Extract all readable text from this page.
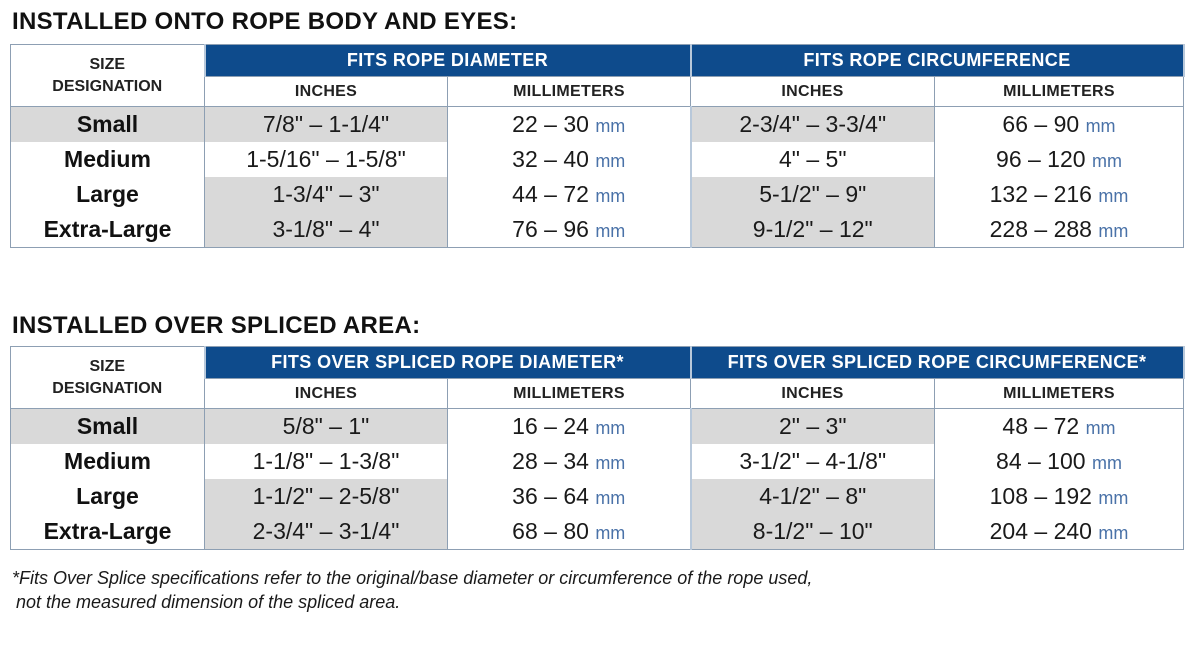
INSTALLED ONTO ROPE BODY AND EYES:
SIZE
DESIGNATION	FITS ROPE DIAMETER		FITS ROPE CIRCUMFERENCE	
	INCHES	MILLIMETERS	INCHES	MILLIMETERS
Small	7/8" – 1-1/4"	22 – 30 mm	2-3/4" – 3-3/4"	66 – 90 mm
Medium	1-5/16" – 1-5/8"	32 – 40 mm	4" – 5"	96 – 120 mm
Large	1-3/4" – 3"	44 – 72 mm	5-1/2" – 9"	132 – 216 mm
Extra-Large	3-1/8" – 4"	76 – 96 mm	9-1/2" – 12"	228 – 288 mm
INSTALLED OVER SPLICED AREA:
SIZE
DESIGNATION	FITS OVER SPLICED ROPE DIAMETER*		FITS OVER SPLICED ROPE CIRCUMFERENCE*	
	INCHES	MILLIMETERS	INCHES	MILLIMETERS
Small	5/8" – 1"	16 – 24 mm	2" – 3"	48 – 72 mm
Medium	1-1/8" – 1-3/8"	28 – 34 mm	3-1/2" – 4-1/8"	84 – 100 mm
Large	1-1/2" – 2-5/8"	36 – 64 mm	4-1/2" – 8"	108 – 192 mm
Extra-Large	2-3/4" – 3-1/4"	68 – 80 mm	8-1/2" – 10"	204 – 240 mm

*Fits Over Splice specifications refer to the original/base diameter or circumference of the rope used,
not the measured dimension of the spliced area.
